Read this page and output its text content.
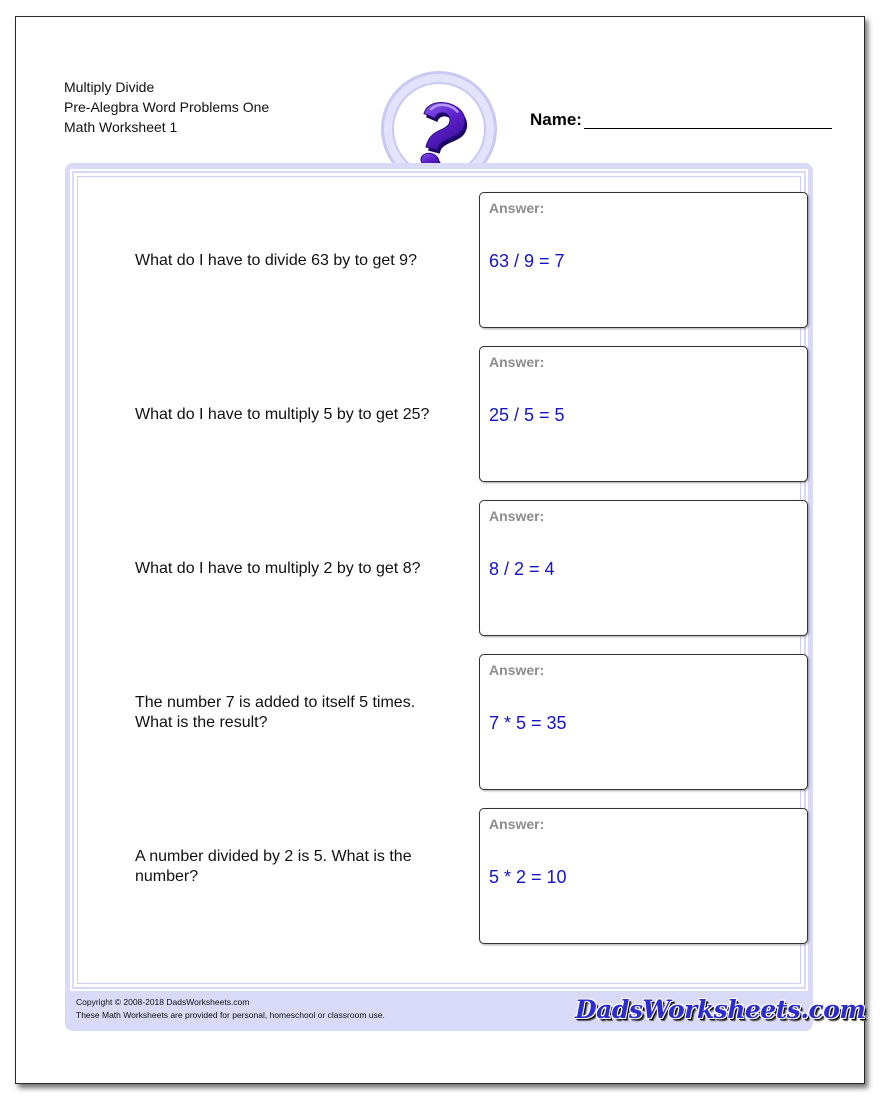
Multiply Divide
Pre-Alegbra Word Problems One
Math Worksheet 1	Name:
What do I have to divide 63 by to get 9?
Answer:
63 / 9 = 7
What do I have to multiply 5 by to get 25?
Answer:
25 / 5 = 5
What do I have to multiply 2 by to get 8?
Answer:
8 / 2 = 4
The number 7 is added to itself 5 times. What is the result?
Answer:
7 * 5 = 35
A number divided by 2 is 5. What is the number?
Answer:
5 * 2 = 10
Copyright © 2008-2018 DadsWorksheets.com
These Math Worksheets are provided for personal, homeschool or classroom use.	DadsWorksheets.com
